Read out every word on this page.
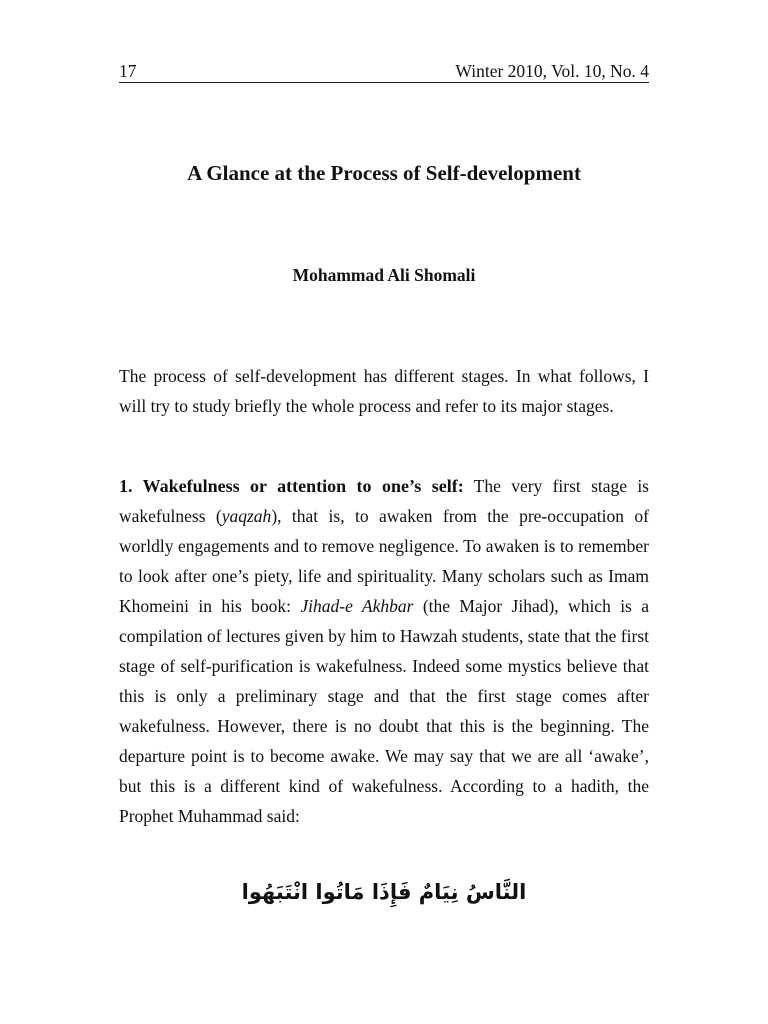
17	Winter 2010, Vol. 10, No. 4
A Glance at the Process of Self-development

Mohammad Ali Shomali

The process of self-development has different stages. In what follows, I will try to study briefly the whole process and refer to its major stages.

1. Wakefulness or attention to one’s self: The very first stage is wakefulness (yaqzah), that is, to awaken from the pre-occupation of worldly engagements and to remove negligence. To awaken is to remember to look after one’s piety, life and spirituality. Many scholars such as Imam Khomeini in his book: Jihad-e Akhbar (the Major Jihad), which is a compilation of lectures given by him to Hawzah students, state that the first stage of self-purification is wakefulness. Indeed some mystics believe that this is only a preliminary stage and that the first stage comes after wakefulness. However, there is no doubt that this is the beginning. The departure point is to become awake. We may say that we are all ‘awake’, but this is a different kind of wakefulness. According to a hadith, the Prophet Muhammad said:

النَّاسُ نِيَامٌ فَإِذَا مَاتُوا انْتَبَهُوا
